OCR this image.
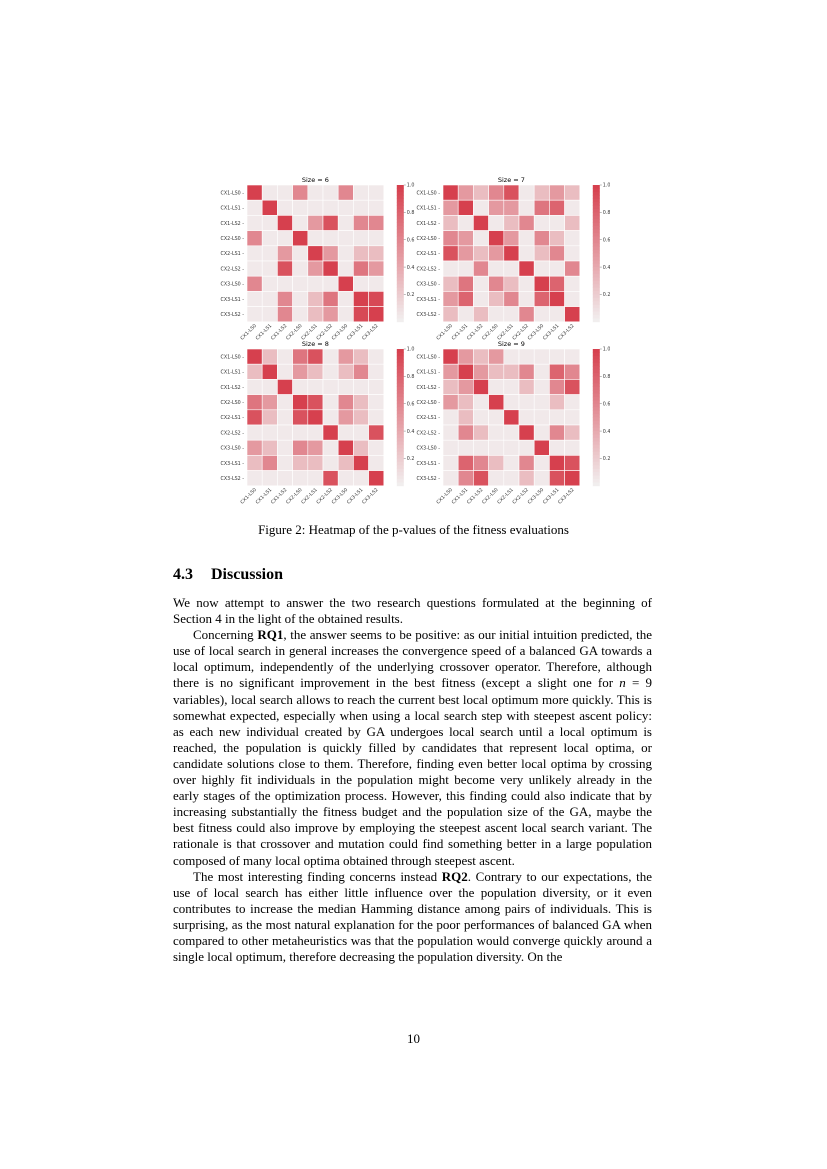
Size = 6
CX1-LS0 -
CX1-LS1 -
CX1-LS2 -
CX2-LS0 -
CX2-LS1 -
CX2-LS2 -
CX3-LS0 -
CX3-LS1 -
CX3-LS2 -
CX1-LS0
CX1-LS1
CX1-LS2
CX2-LS0
CX2-LS1
CX2-LS2
CX3-LS0
CX3-LS1
CX3-LS2
1.0
0.8
0.6
0.4
0.2
Size = 7
CX1-LS0 -
CX1-LS1 -
CX1-LS2 -
CX2-LS0 -
CX2-LS1 -
CX2-LS2 -
CX3-LS0 -
CX3-LS1 -
CX3-LS2 -
CX1-LS0
CX1-LS1
CX1-LS2
CX2-LS0
CX2-LS1
CX2-LS2
CX3-LS0
CX3-LS1
CX3-LS2
1.0
0.8
0.6
0.4
0.2
Size = 8
CX1-LS0 -
CX1-LS1 -
CX1-LS2 -
CX2-LS0 -
CX2-LS1 -
CX2-LS2 -
CX3-LS0 -
CX3-LS1 -
CX3-LS2 -
CX1-LS0
CX1-LS1
CX1-LS2
CX2-LS0
CX2-LS1
CX2-LS2
CX3-LS0
CX3-LS1
CX3-LS2
1.0
0.8
0.6
0.4
0.2
Size = 9
CX1-LS0 -
CX1-LS1 -
CX1-LS2 -
CX2-LS0 -
CX2-LS1 -
CX2-LS2 -
CX3-LS0 -
CX3-LS1 -
CX3-LS2 -
CX1-LS0
CX1-LS1
CX1-LS2
CX2-LS0
CX2-LS1
CX2-LS2
CX3-LS0
CX3-LS1
CX3-LS2
1.0
0.8
0.6
0.4
0.2
Figure 2: Heatmap of the p-values of the fitness evaluations
4.3 Discussion

We now attempt to answer the two research questions formulated at the beginning of Section 4 in the light of the obtained results.

Concerning RQ1, the answer seems to be positive: as our initial intuition predicted, the use of local search in general increases the convergence speed of a balanced GA towards a local optimum, independently of the underlying crossover operator. Therefore, although there is no significant improvement in the best fitness (except a slight one for n = 9 variables), local search allows to reach the current best local optimum more quickly. This is somewhat expected, especially when using a local search step with steepest ascent policy: as each new individual created by GA undergoes local search until a local optimum is reached, the population is quickly filled by candidates that represent local optima, or candidate solutions close to them. Therefore, finding even better local optima by crossing over highly fit individuals in the population might become very unlikely already in the early stages of the optimization process. However, this finding could also indicate that by increasing substantially the fitness budget and the population size of the GA, maybe the best fitness could also improve by employing the steepest ascent local search variant. The rationale is that crossover and mutation could find something better in a large population composed of many local optima obtained through steepest ascent.

The most interesting finding concerns instead RQ2. Contrary to our expectations, the use of local search has either little influence over the population diversity, or it even contributes to increase the median Hamming distance among pairs of individuals. This is surprising, as the most natural explanation for the poor performances of balanced GA when compared to other metaheuristics was that the population would converge quickly around a single local optimum, therefore decreasing the population diversity. On the

10
